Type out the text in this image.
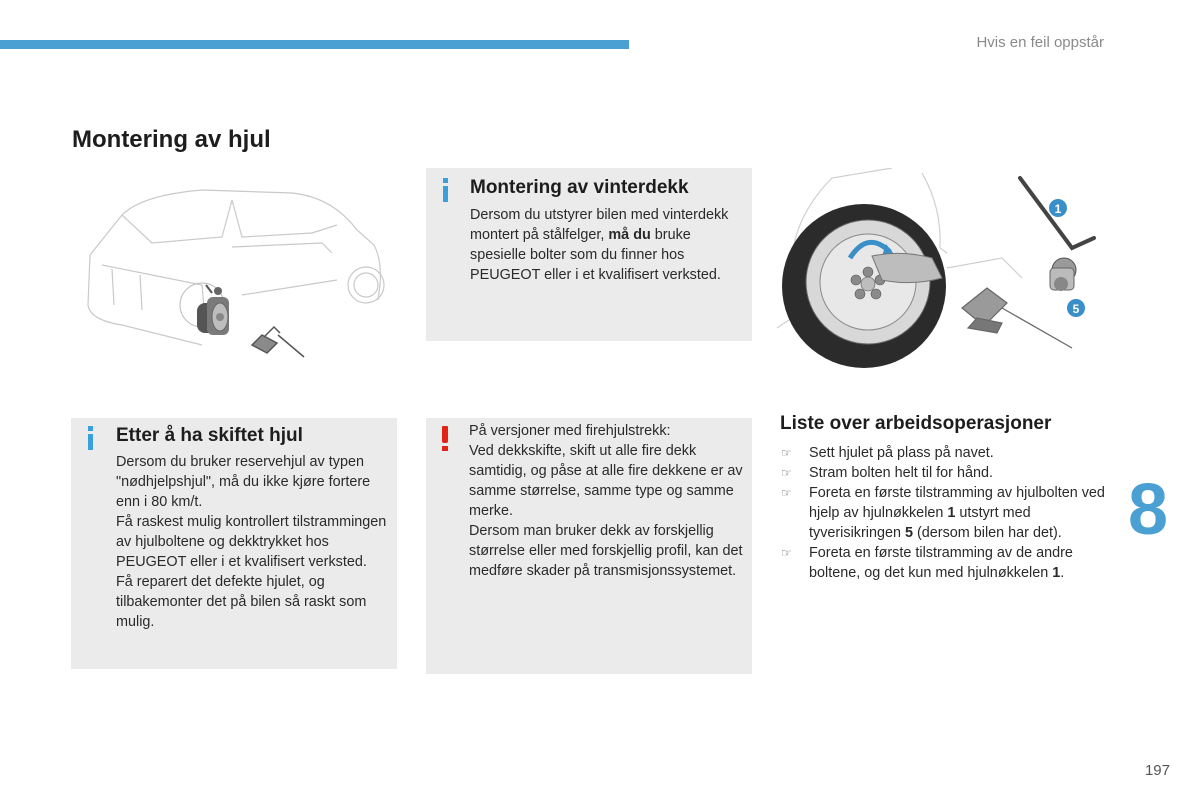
Hvis en feil oppstår
Montering av hjul
1
5
Montering av vinterdekk

Dersom du utstyrer bilen med vinterdekk montert på stålfelger, må du bruke spesielle bolter som du finner hos PEUGEOT eller i et kvalifisert verksted.

Etter å ha skiftet hjul

Dersom du bruker reservehjul av typen "nødhjelpshjul", må du ikke kjøre fortere enn i 80 km/t.

Få raskest mulig kontrollert tilstrammingen av hjulboltene og dekktrykket hos PEUGEOT eller i et kvalifisert verksted.

Få reparert det defekte hjulet, og tilbakemonter det på bilen så raskt som mulig.

På versjoner med firehjulstrekk:

Ved dekkskifte, skift ut alle fire dekk samtidig, og påse at alle fire dekkene er av samme størrelse, samme type og samme merke.

Dersom man bruker dekk av forskjellig størrelse eller med forskjellig profil, kan det medføre skader på transmisjonssystemet.

Liste over arbeidsoperasjoner
☞ Sett hjulet på plass på navet.
☞ Stram bolten helt til for hånd.
☞ Foreta en første tilstramming av hjulbolten ved hjelp av hjulnøkkelen 1 utstyrt med tyverisikringen 5 (dersom bilen har det).
☞ Foreta en første tilstramming av de andre boltene, og det kun med hjulnøkkelen 1.
8
197
